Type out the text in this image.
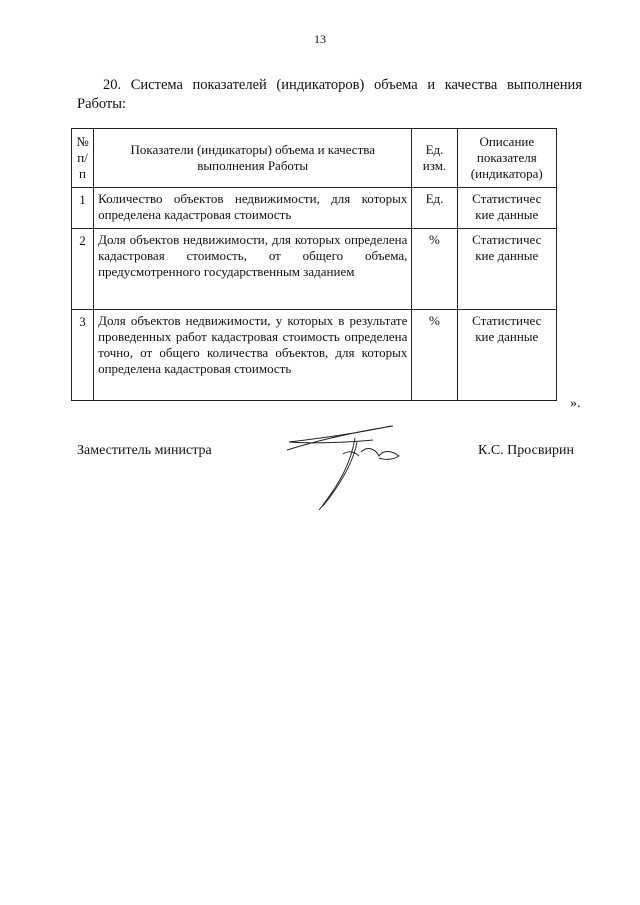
13
20. Система показателей (индикаторов) объема и качества выполнения Работы:
№ п/п	Показатели (индикаторы) объема и качества выполнения Работы	Ед. изм.	Описание показателя (индикатора)
1	Количество объектов недвижимости, для которых определена кадастровая стоимость	Ед.	Статистичес кие данные
2	Доля объектов недвижимости, для которых определена кадастровая стоимость, от общего объема, предусмотренного государственным заданием	%	Статистичес кие данные
3	Доля объектов недвижимости, у которых в результате проведенных работ кадастровая стоимость определена точно, от общего количества объектов, для которых определена кадастровая стоимость	%	Статистичес кие данные
».
Заместитель министра	К.С. Просвирин
